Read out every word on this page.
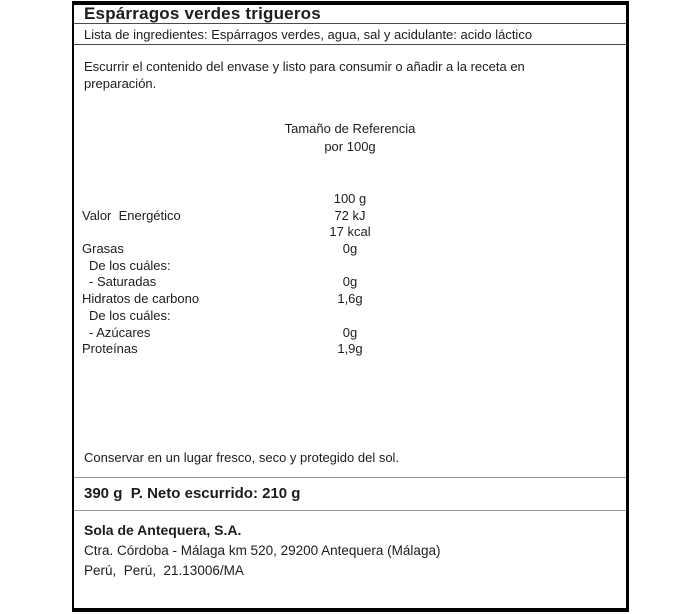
Espárragos verdes trigueros
Lista de ingredientes: Espárragos verdes, agua, sal y acidulante: acido láctico
Escurrir el contenido del envase y listo para consumir o añadir a la receta en preparación.
Tamaño de Referencia
por 100g
100 g
Valor  Energético	72 kJ
17 kcal
Grasas	0g
De los cuáles:
- Saturadas	0g
Hidratos de carbono	1,6g
De los cuáles:
- Azúcares	0g
Proteínas	1,9g
Conservar en un lugar fresco, seco y protegido del sol.
390 g  P. Neto escurrido: 210 g
Sola de Antequera, S.A.
Ctra. Córdoba - Málaga km 520, 29200 Antequera (Málaga)
Perú,  Perú,  21.13006/MA
